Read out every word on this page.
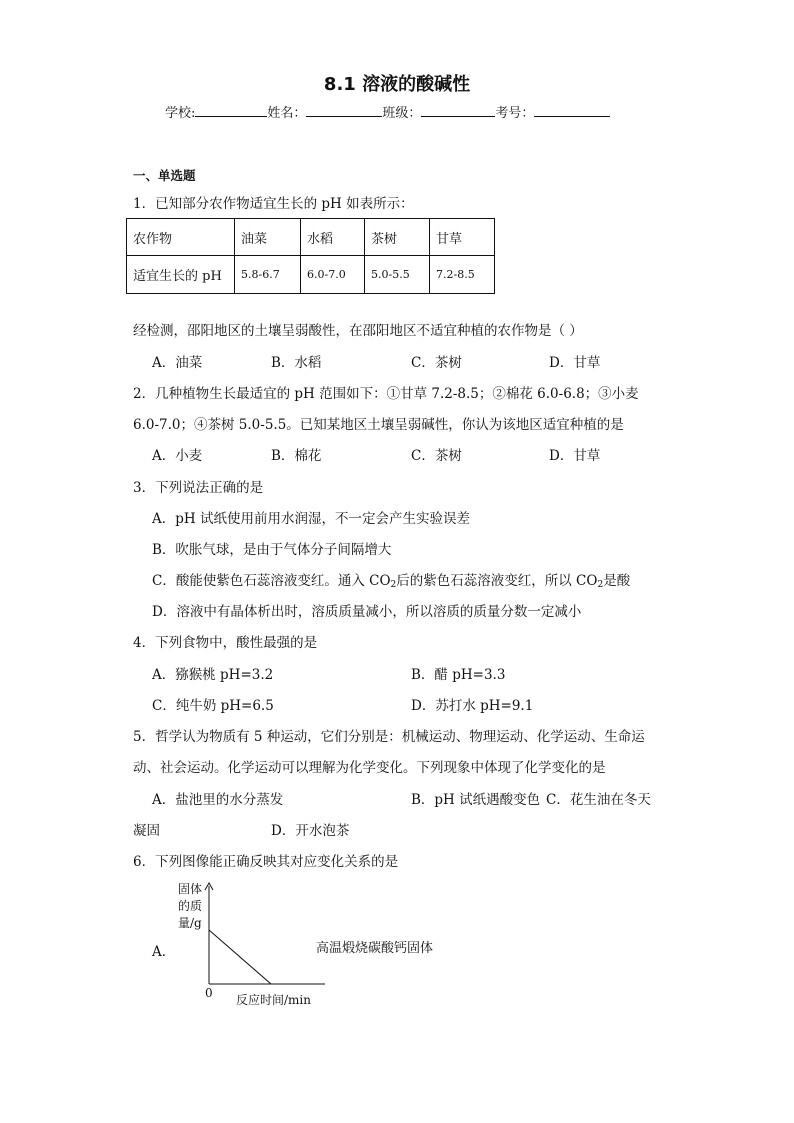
8.1 溶液的酸碱性
学校:	姓名：	班级：	考号：
一、单选题
1．已知部分农作物适宜生长的 pH 如表所示：
农作物	油菜	水稻	茶树	甘草
适宜生长的 pH	5.8-6.7	6.0-7.0	5.0-5.5	7.2-8.5
经检测，邵阳地区的土壤呈弱酸性，在邵阳地区不适宜种植的农作物是（ ）
A．油菜	B．水稻	C．茶树	D．甘草
2．几种植物生长最适宜的 pH 范围如下：①甘草 7.2-8.5；②棉花 6.0-6.8；③小麦
6.0-7.0；④茶树 5.0-5.5。已知某地区土壤呈弱碱性，你认为该地区适宜种植的是
A．小麦	B．棉花	C．茶树	D．甘草
3．下列说法正确的是
A．pH 试纸使用前用水润湿，不一定会产生实验误差
B．吹胀气球，是由于气体分子间隔增大
C．酸能使紫色石蕊溶液变红。通入 $CO_2$后的紫色石蕊溶液变红，所以 $CO_2$是酸
D．溶液中有晶体析出时，溶质质量减小，所以溶质的质量分数一定减小
4．下列食物中，酸性最强的是
A．猕猴桃 pH=3.2	B．醋 pH=3.3
C．纯牛奶 pH=6.5	D．苏打水 pH=9.1
5．哲学认为物质有 5 种运动，它们分别是：机械运动、物理运动、化学运动、生命运
动、社会运动。化学运动可以理解为化学变化。下列现象中体现了化学变化的是
A．盐池里的水分蒸发	B．pH 试纸遇酸变色 C．花生油在冬天
凝固	D．开水泡茶
6．下列图像能正确反映其对应变化关系的是
A．
固体
的质
量/g
0 反应时间/min
高温煅烧碳酸钙固体
